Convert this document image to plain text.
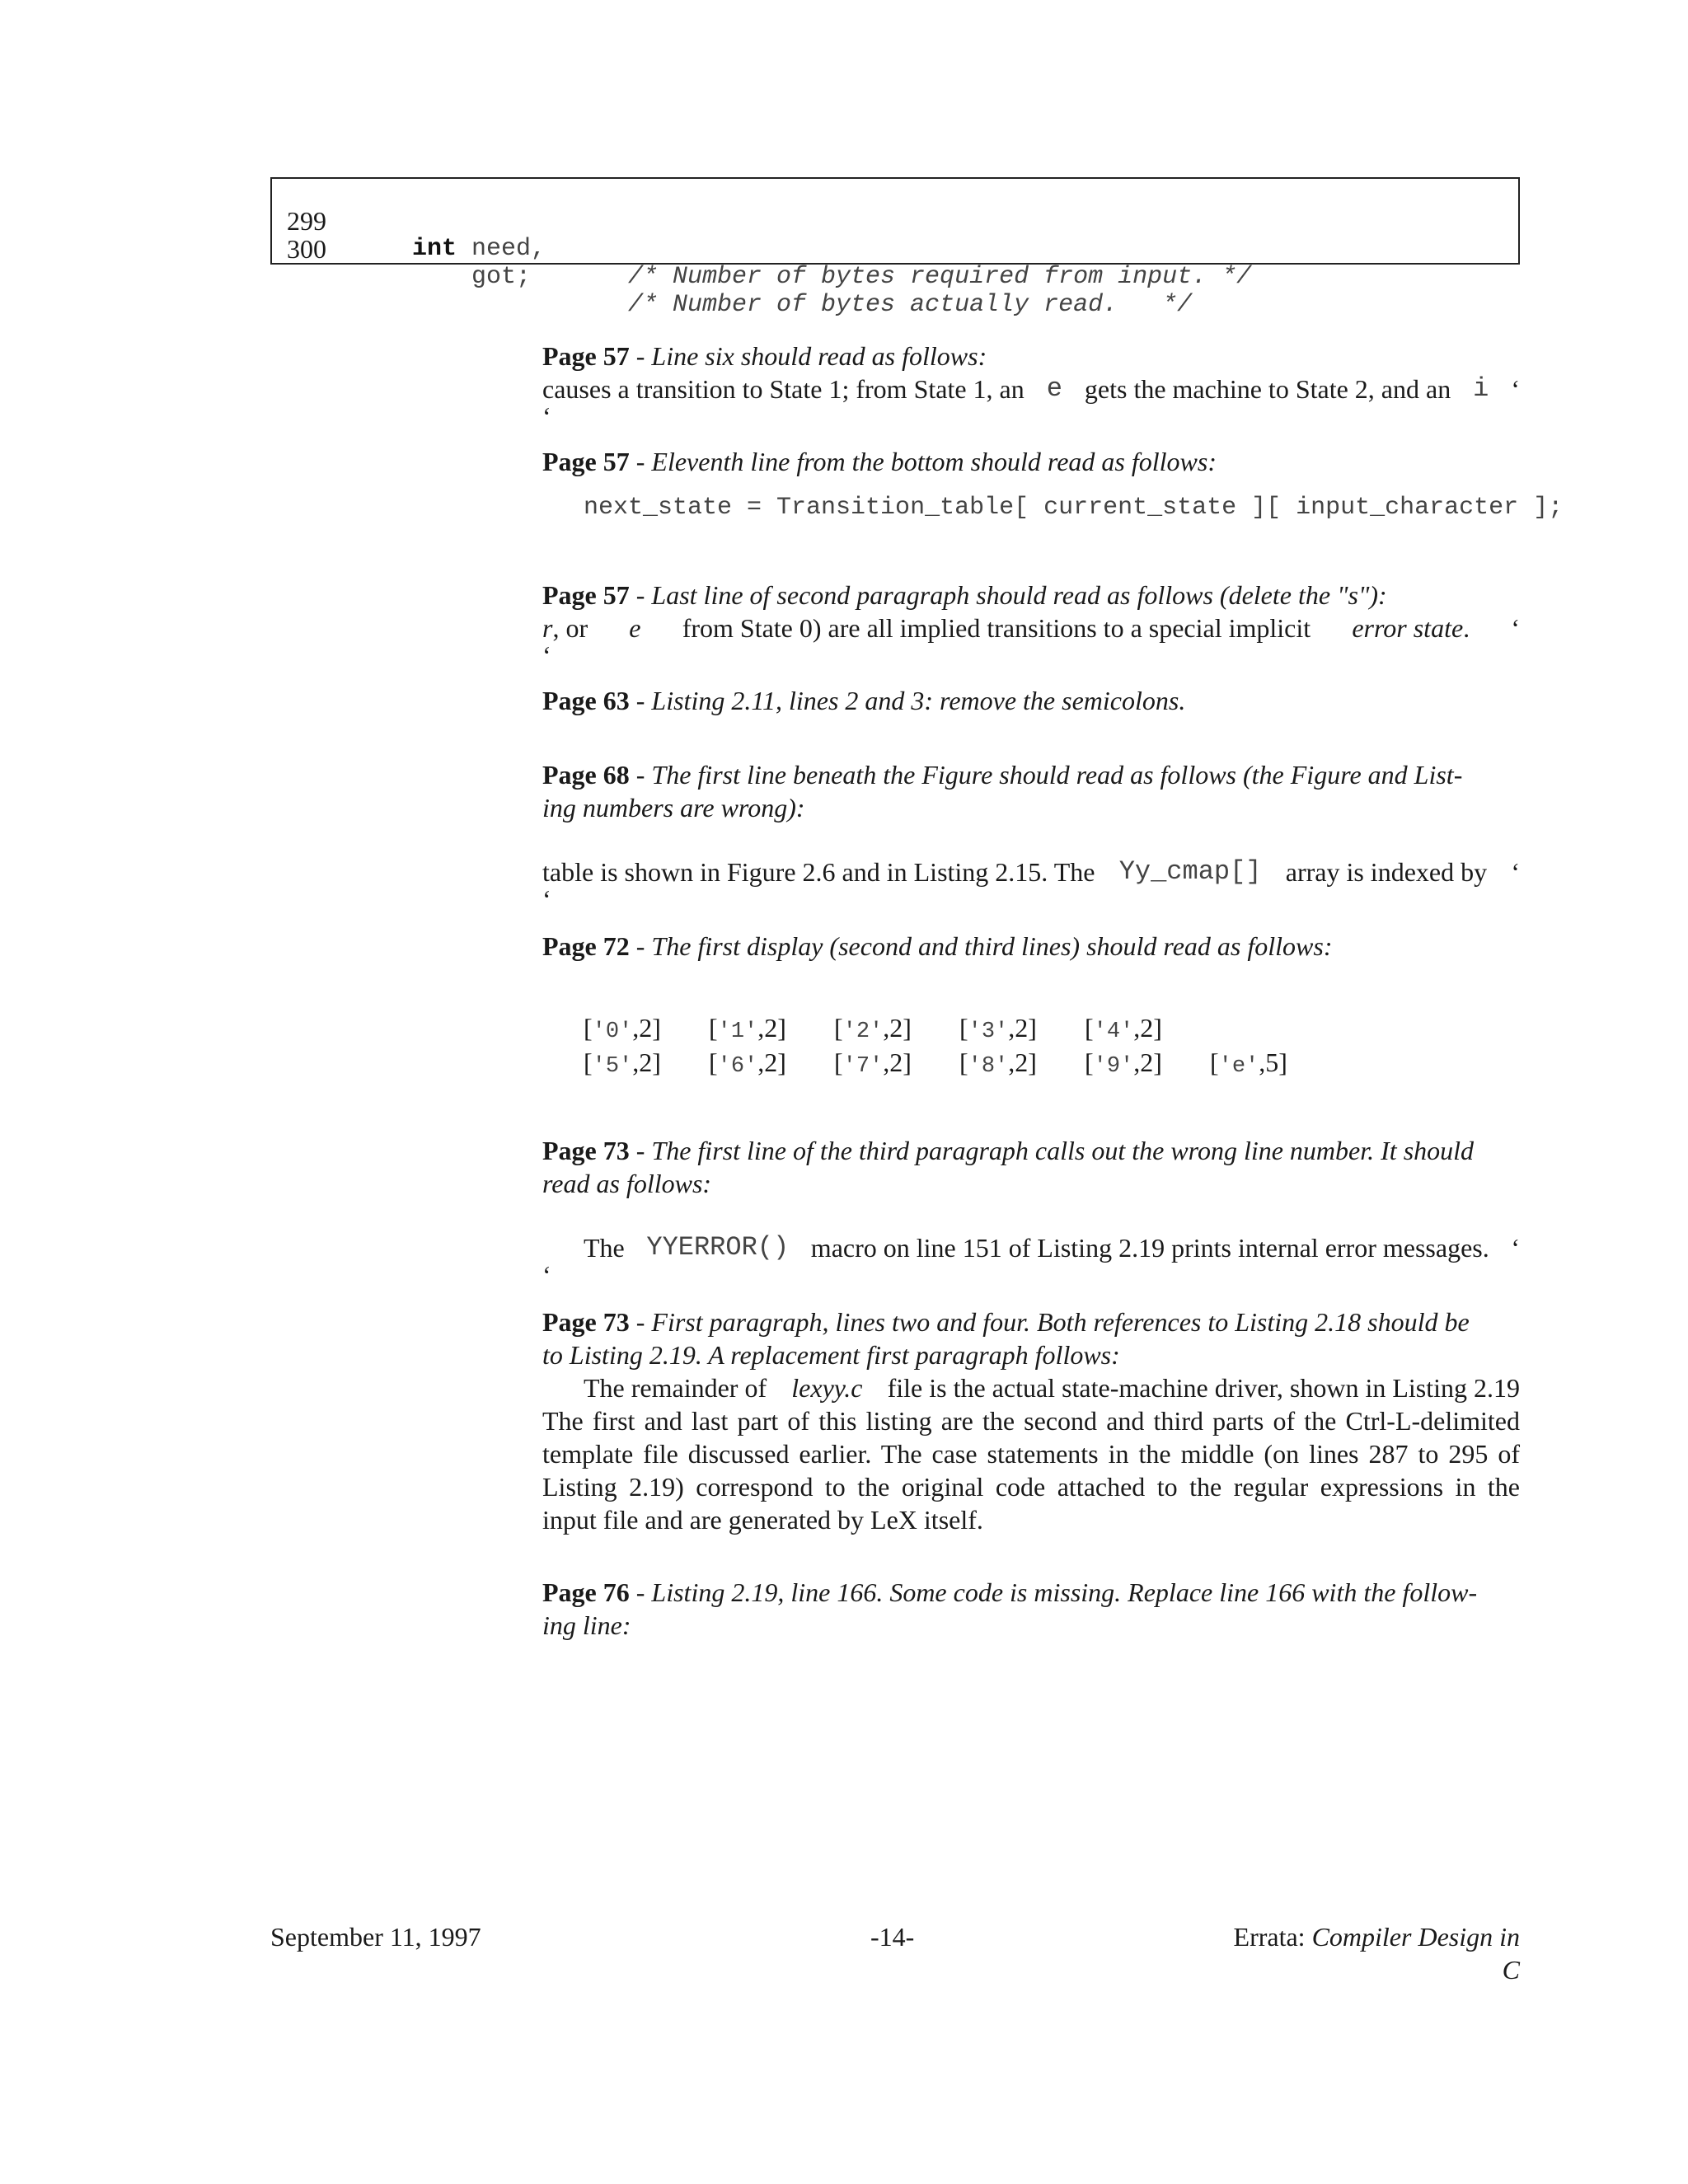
299

int need,

/* Number of bytes required from input. */

300

got;

/* Number of bytes actually read.   */

Page 57 - Line six should read as follows:
causes a transition to State 1; from State 1, an e gets the machine to State 2, and an i ‘
‘
Page 57 - Eleventh line from the bottom should read as follows:
next_state = Transition_table[ current_state ][ input_character ];
Page 57 - Last line of second paragraph should read as follows (delete the "s"):
r, or e from State 0) are all implied transitions to a special implicit error state. ‘
‘
Page 63 - Listing 2.11, lines 2 and 3: remove the semicolons.
Page 68 - The first line beneath the Figure should read as follows (the Figure and List-
ing numbers are wrong):
table is shown in Figure 2.6 and in Listing 2.15. The Yy_cmap[] array is indexed by ‘
‘
Page 72 - The first display (second and third lines) should read as follows:
['0',2] ['1',2] ['2',2] ['3',2] ['4',2]
['5',2] ['6',2] ['7',2] ['8',2] ['9',2] ['e',5]
Page 73 - The first line of the third paragraph calls out the wrong line number. It should
read as follows:
The YYERROR() macro on line 151 of Listing 2.19 prints internal error messages. ‘
‘
Page 73 - First paragraph, lines two and four. Both references to Listing 2.18 should be
to Listing 2.19. A replacement first paragraph follows:
The remainder of lexyy.c file is the actual state-machine driver, shown in Listing 2.19
The first and last part of this listing are the second and third parts of the Ctrl-L-delimited
template file discussed earlier. The case statements in the middle (on lines 287 to 295 of
Listing 2.19) correspond to the original code attached to the regular expressions in the
input file and are generated by LeX itself.
Page 76 - Listing 2.19, line 166. Some code is missing. Replace line 166 with the follow-
ing line:
September 11, 1997	-14-	Errata: Compiler Design in C
